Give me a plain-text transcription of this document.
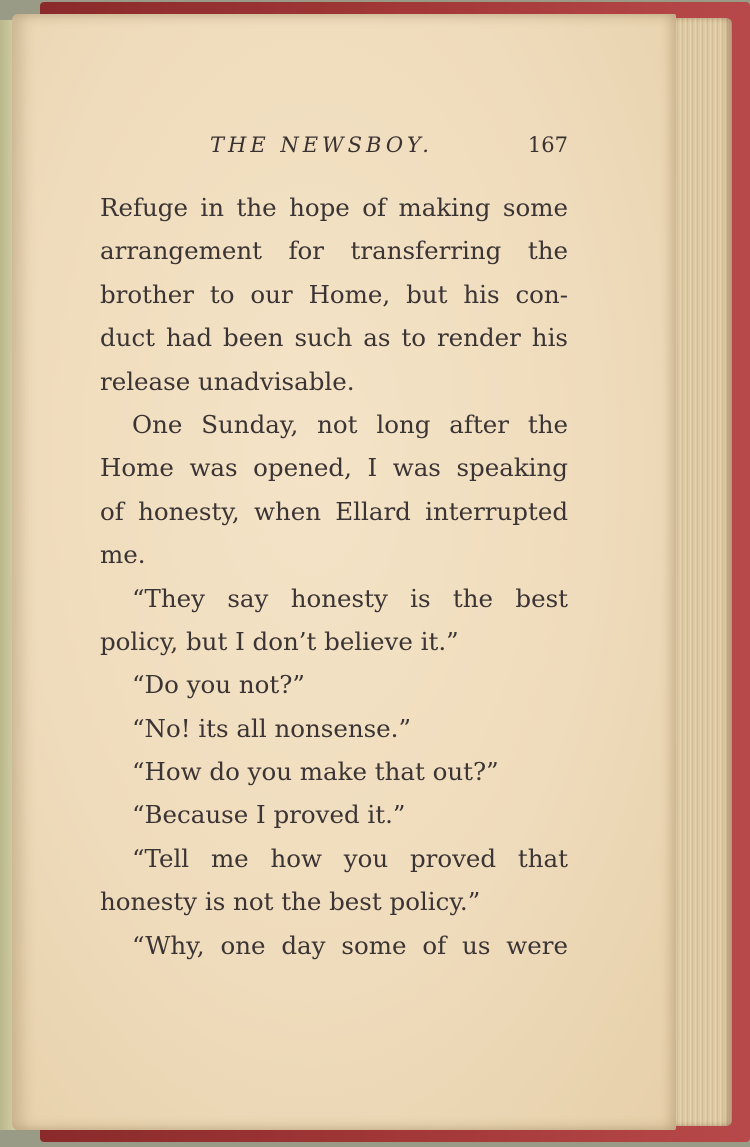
THE NEWSBOY.	167
Refuge in the hope of making some
arrangement for transferring the
brother to our Home, but his con-
duct had been such as to render his
release unadvisable.
One Sunday, not long after the
Home was opened, I was speaking
of honesty, when Ellard interrupted
me.
“They say honesty is the best
policy, but I don’t believe it.”
“Do you not?”
“No! its all nonsense.”
“How do you make that out?”
“Because I proved it.”
“Tell me how you proved that
honesty is not the best policy.”
“Why, one day some of us were
